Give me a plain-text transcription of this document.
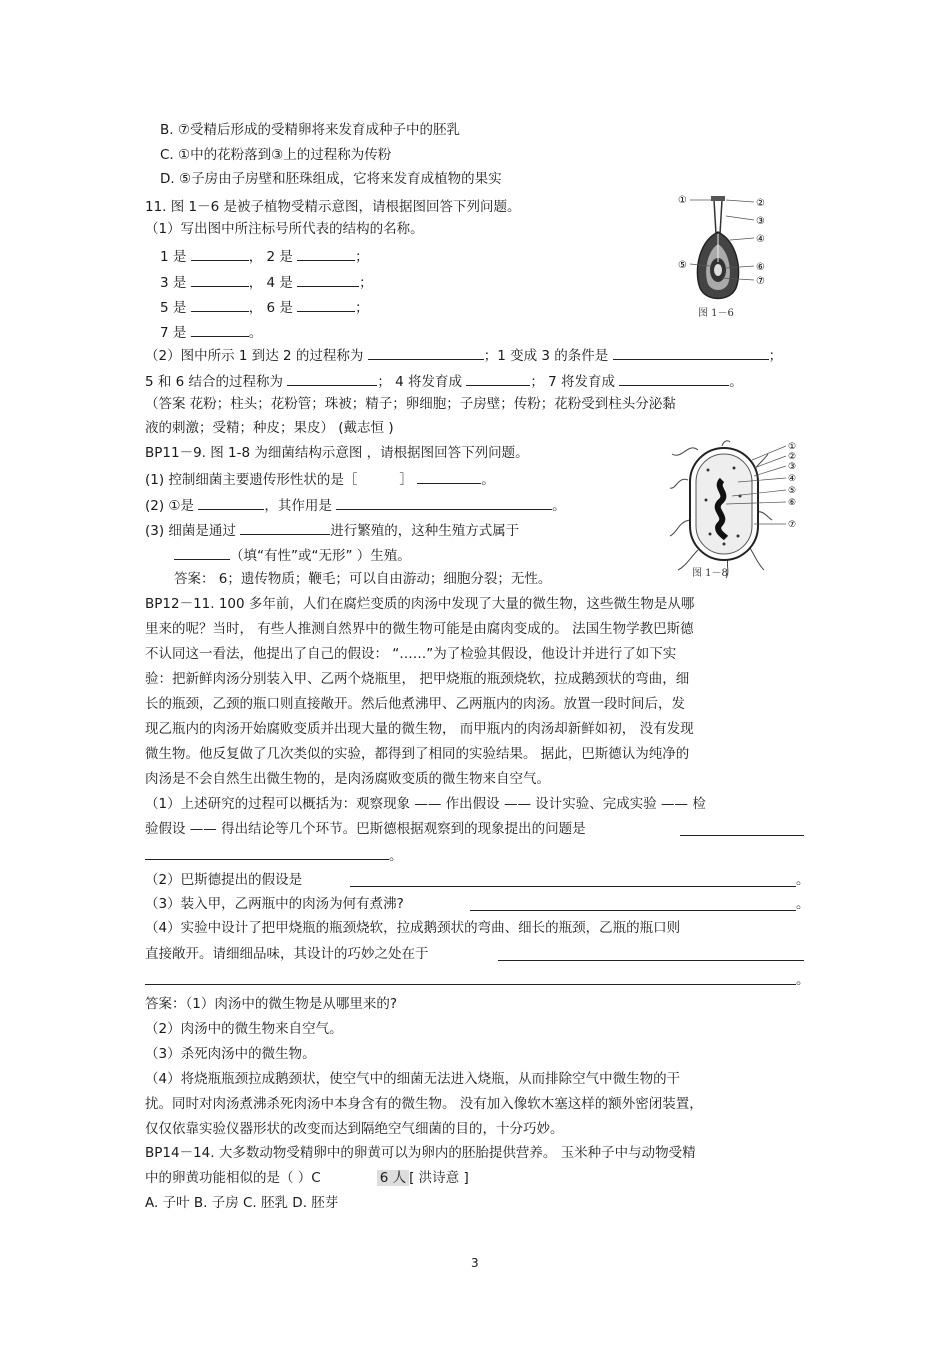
B. ⑦受精后形成的受精卵将来发育成种子中的胚乳
C. ①中的花粉落到③上的过程称为传粉
D. ⑤子房由子房壁和胚珠组成，它将来发育成植物的果实
11. 图 1－6 是被子植物受精示意图，请根据图回答下列问题。
（1）写出图中所注标号所代表的结构的名称。
1 是	， 2 是	；
3 是	， 4 是	；
5 是	， 6 是	；
7 是	。
（2）图中所示 1 到达 2 的过程称为	；1 变成 3 的条件是	；
5 和 6 结合的过程称为	； 4 将发育成	； 7 将发育成	。
（答案 花粉；柱头；花粉管；珠被；精子；卵细胞；子房壁；传粉；花粉受到柱头分泌黏
液的刺激；受精；种皮；果皮） (戴志恒 )
①	②
③
④
⑤	⑥
⑦
图 1－6
BP11－9. 图 1-8 为细菌结构示意图 ，请根据图回答下列问题。
(1) 控制细菌主要遗传形性状的是［	］	。
(2) ①是	，其作用是	。
(3) 细菌是通过	进行繁殖的，这种生殖方式属于
（填“有性”或“无形” ）生殖。
答案： 6；遗传物质；鞭毛；可以自由游动；细胞分裂；无性。
①
②
③
④
⑤
⑥
⑦
图 1－8
BP12－11. 100 多年前，人们在腐烂变质的肉汤中发现了大量的微生物，这些微生物是从哪
里来的呢？当时， 有些人推测自然界中的微生物可能是由腐肉变成的。 法国生物学教巴斯德
不认同这一看法，他提出了自己的假设： “……”为了检验其假设，他设计并进行了如下实
验：把新鲜肉汤分别装入甲、乙两个烧瓶里， 把甲烧瓶的瓶颈烧软，拉成鹅颈状的弯曲，细
长的瓶颈，乙颈的瓶口则直接敞开。然后他煮沸甲、乙两瓶内的肉汤。放置一段时间后，发
现乙瓶内的肉汤开始腐败变质并出现大量的微生物， 而甲瓶内的肉汤却新鲜如初， 没有发现
微生物。他反复做了几次类似的实验，都得到了相同的实验结果。 据此，巴斯德认为纯净的
肉汤是不会自然生出微生物的，是肉汤腐败变质的微生物来自空气。
（1）上述研究的过程可以概括为：观察现象 —— 作出假设 —— 设计实验、完成实验 —— 检
验假设 —— 得出结论等几个环节。巴斯德根据观察到的现象提出的问题是
。
（2）巴斯德提出的假设是	。
（3）装入甲，乙两瓶中的肉汤为何有煮沸?	。
（4）实验中设计了把甲烧瓶的瓶颈烧软，拉成鹅颈状的弯曲、细长的瓶颈，乙瓶的瓶口则
直接敞开。请细细品味，其设计的巧妙之处在于
。
答案：（1）肉汤中的微生物是从哪里来的?
（2）肉汤中的微生物来自空气。
（3）杀死肉汤中的微生物。
（4）将烧瓶瓶颈拉成鹅颈状，使空气中的细菌无法进入烧瓶，从而排除空气中微生物的干
扰。同时对肉汤煮沸杀死肉汤中本身含有的微生物。 没有加入像软木塞这样的额外密闭装置，
仅仅依靠实验仪器形状的改变而达到隔绝空气细菌的目的，十分巧妙。
BP14－14. 大多数动物受精卵中的卵黄可以为卵内的胚胎提供营养。 玉米种子中与动物受精
中的卵黄功能相似的是（ ）C	6 人 [ 洪诗意 ]
A. 子叶 B. 子房 C. 胚乳 D. 胚芽
3
